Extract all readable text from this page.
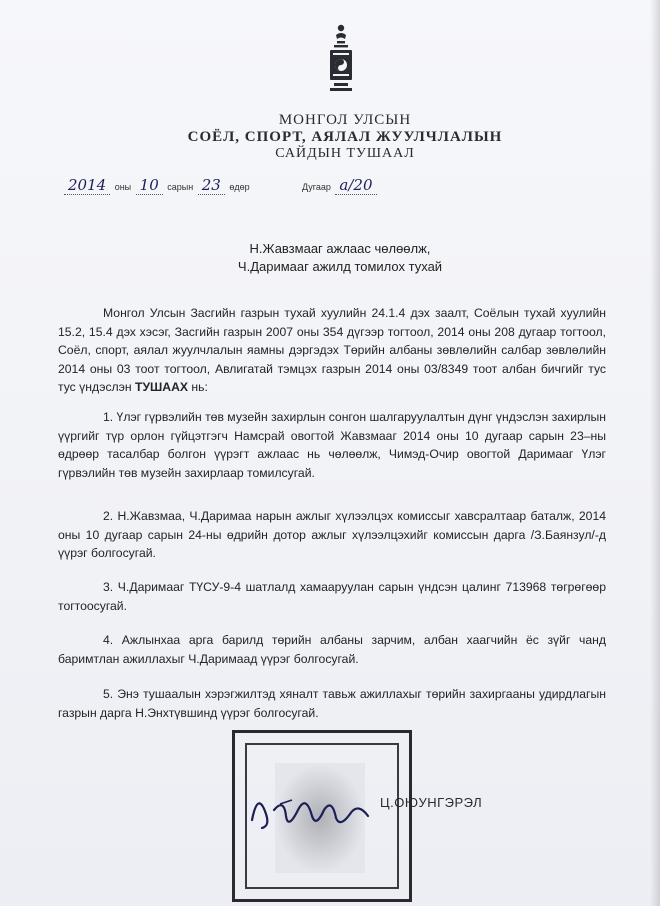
МОНГОЛ УЛСЫН
СОЁЛ, СПОРТ, АЯЛАЛ ЖУУЛЧЛАЛЫН
САЙДЫН ТУШААЛ
2014 оны 10 сарын 23 өдөр	Дугаар а/20
Н.Жавзмааг ажлаас чөлөөлж,
Ч.Даримааг ажилд томилох тухай

Монгол Улсын Засгийн газрын тухай хуулийн 24.1.4 дэх заалт, Соёлын тухай хуулийн 15.2, 15.4 дэх хэсэг, Засгийн газрын 2007 оны 354 дүгээр тогтоол, 2014 оны 208 дугаар тогтоол, Соёл, спорт, аялал жуулчлалын яамны дэргэдэх Төрийн албаны зөвлөлийн салбар зөвлөлийн 2014 оны 03 тоот тогтоол, Авлигатай тэмцэх газрын 2014 оны 03/8349 тоот албан бичгийг тус тус үндэслэн ТУШААХ нь:

1. Үлэг гүрвэлийн төв музейн захирлын сонгон шалгаруулалтын дүнг үндэслэн захирлын үүргийг түр орлон гүйцэтгэгч Намсрай овогтой Жавзмааг 2014 оны 10 дугаар сарын 23–ны өдрөөр тасалбар болгон үүрэгт ажлаас нь чөлөөлж, Чимэд-Очир овогтой Даримааг Үлэг гүрвэлийн төв музейн захирлаар томилсугай.

2. Н.Жавзмаа, Ч.Даримаа нарын ажлыг хүлээлцэх комиссыг хавсралтаар баталж, 2014 оны 10 дугаар сарын 24-ны өдрийн дотор ажлыг хүлээлцэхийг комиссын дарга /З.Баянзул/-д үүрэг болгосугай.

3. Ч.Даримааг ТҮСУ-9-4 шатлалд хамааруулан сарын үндсэн цалинг 713968 төгрөгөөр тогтоосугай.

4. Ажлынхаа арга барилд төрийн албаны зарчим, албан хаагчийн ёс зүйг чанд баримтлан ажиллахыг Ч.Даримаад үүрэг болгосугай.

5. Энэ тушаалын хэрэгжилтэд хяналт тавьж ажиллахыг төрийн захиргааны удирдлагын газрын дарга Н.Энхтүвшинд үүрэг болгосугай.

Ц.ОЮУНГЭРЭЛ
